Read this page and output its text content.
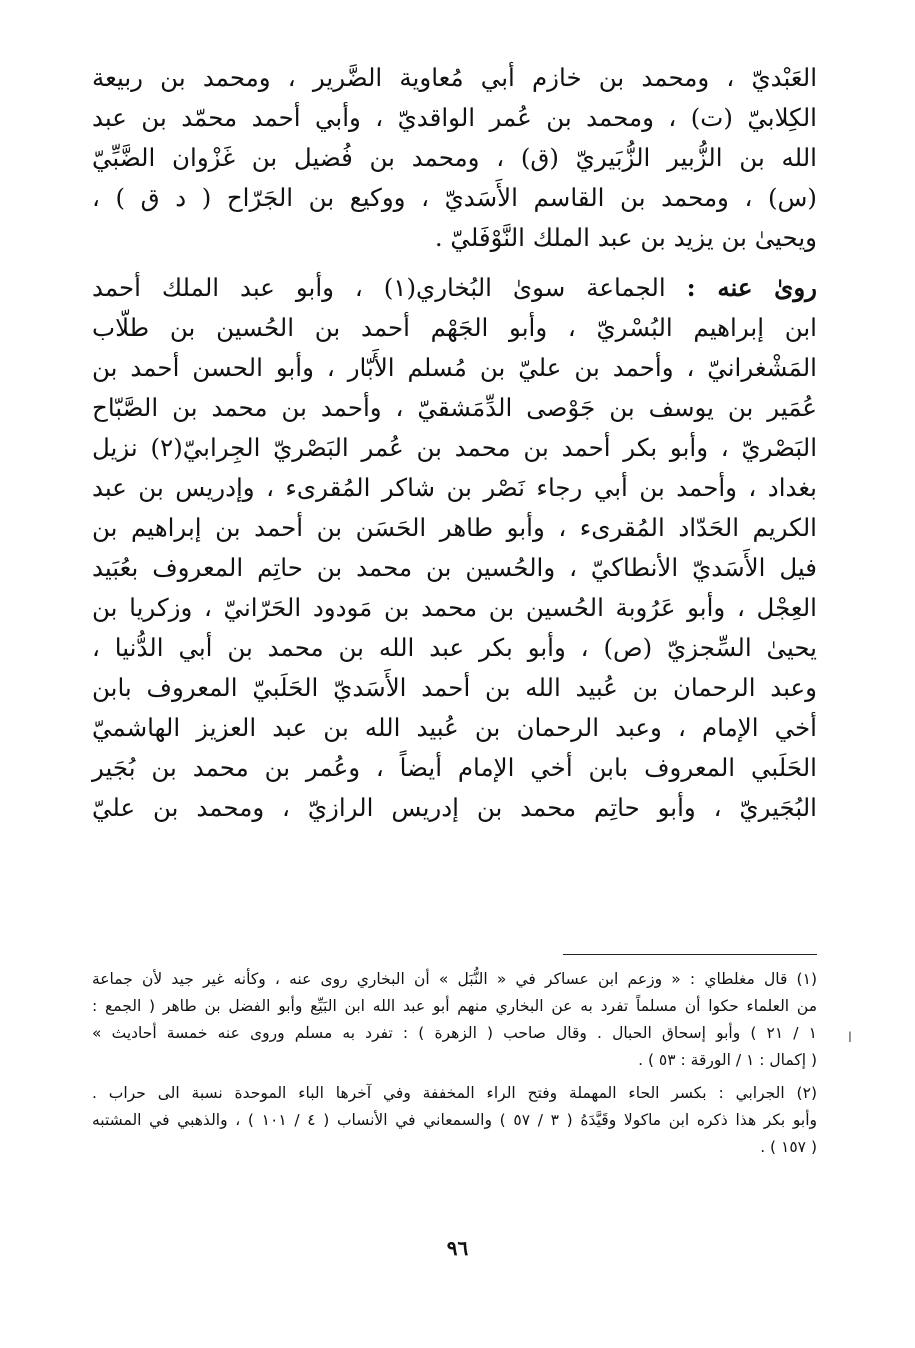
العَبْديّ ، ومحمد بن خازم أبي مُعاوية الضَّرير ، ومحمد بن ربيعة
الكِلابيّ (ت) ، ومحمد بن عُمر الواقديّ ، وأبي أحمد محمّد بن عبد
الله بن الزُّبير الزُّبَيريّ (ق) ، ومحمد بن فُضيل بن غَزْوان الضَّبِّيّ
(س) ، ومحمد بن القاسم الأَسَديّ ، ووكيع بن الجَرّاح ( د ق ) ،
ويحيىٰ بن يزيد بن عبد الملك النَّوْفَليّ .
روىٰ عنه : الجماعة سوىٰ البُخاري(١) ، وأبو عبد الملك أحمد
ابن إبراهيم البُسْريّ ، وأبو الجَهْم أحمد بن الحُسين بن طلّاب
المَشْغرانيّ ، وأحمد بن عليّ بن مُسلم الأَبّار ، وأبو الحسن أحمد بن
عُمَير بن يوسف بن جَوْصى الدِّمَشقيّ ، وأحمد بن محمد بن الصَّبّاح
البَصْريّ ، وأبو بكر أحمد بن محمد بن عُمر البَصْريّ الجِرابيّ(٢) نزيل
بغداد ، وأحمد بن أبي رجاء نَصْر بن شاكر المُقرىء ، وإدريس بن عبد
الكريم الحَدّاد المُقرىء ، وأبو طاهر الحَسَن بن أحمد بن إبراهيم بن
فيل الأَسَديّ الأنطاكيّ ، والحُسين بن محمد بن حاتِم المعروف بعُبَيد
العِجْل ، وأبو عَرُوبة الحُسين بن محمد بن مَودود الحَرّانيّ ، وزكريا بن
يحيىٰ السِّجزيّ (ص) ، وأبو بكر عبد الله بن محمد بن أبي الدُّنيا ،
وعبد الرحمان بن عُبيد الله بن أحمد الأَسَديّ الحَلَبيّ المعروف بابن
أخي الإمام ، وعبد الرحمان بن عُبيد الله بن عبد العزيز الهاشميّ
الحَلَبي المعروف بابن أخي الإمام أيضاً ، وعُمر بن محمد بن بُجَير
البُجَيريّ ، وأبو حاتِم محمد بن إدريس الرازيّ ، ومحمد بن عليّ
(١) قال مغلطاي : « وزعم ابن عساكر في « النُّبَل » أن البخاري روى عنه ، وكأنه غير جيد لأن جماعة
من العلماء حكوا أن مسلماً تفرد به عن البخاري منهم أبو عبد الله ابن البَيِّع وأبو الفضل بن طاهر ( الجمع :
١ / ٢١ ) وأبو إسحاق الحبال . وقال صاحب ( الزهرة ) : تفرد به مسلم وروى عنه خمسة أحاديث »
( إكمال : ١ / الورقة : ٥٣ ) .
(٢) الجرابي : بكسر الحاء المهملة وفتح الراء المخففة وفي آخرها الباء الموحدة نسبة الى حراب .
وأبو بكر هذا ذكره ابن ماكولا وقَيَّدَهُ ( ٣ / ٥٧ ) والسمعاني في الأنساب ( ٤ / ١٠١ ) ، والذهبي في المشتبه
( ١٥٧ ) .
ا
٩٦
